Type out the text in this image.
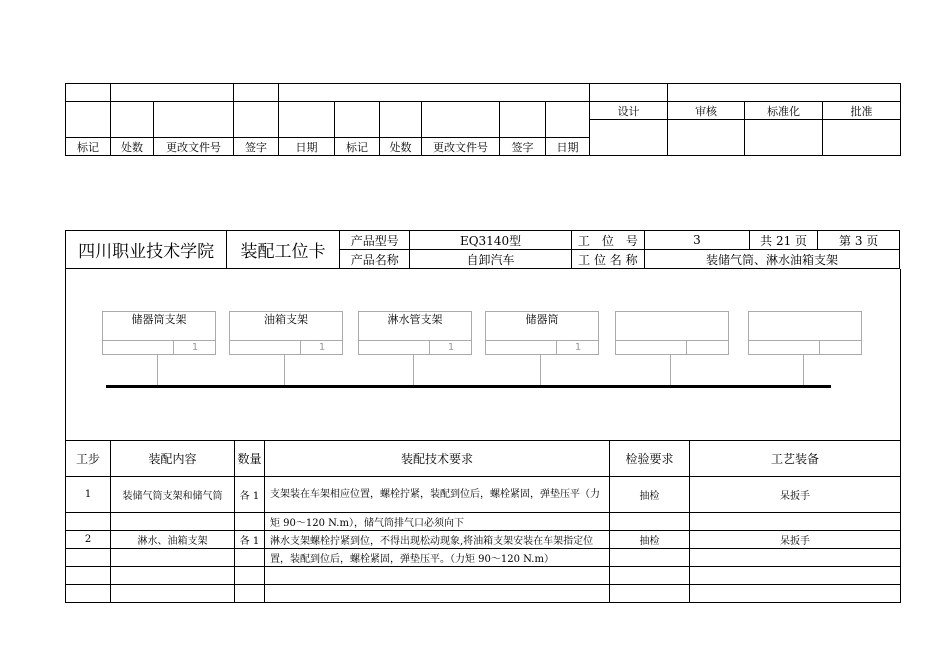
										设计	审核	标准化	批准

标记	处数	更改文件号	签字	日期	标记	处数	更改文件号	签字	日期				
四川职业技术学院	装配工位卡	产品型号	EQ3140型	工　位　号	3	共 21 页	第 3 页
		产品名称	自卸汽车	工 位 名 称	装储气筒、淋水油箱支架		
储器筒支架
1
油箱支架
1
淋水管支架
1
储器筒
1
工步	装配内容	数量	装配技术要求	检验要求	工艺装备
1	装储气筒支架和储气筒	各 1	支架装在车架相应位置，螺栓拧紧，装配到位后，螺栓紧固，弹垫压平（力	抽检	呆扳手
			矩 90～120 N.m），储气筒排气口必须向下		
2	淋水、油箱支架	各 1	淋水支架螺栓拧紧到位，不得出现松动现象,将油箱支架安装在车架指定位	抽检	呆扳手
			置，装配到位后，螺栓紧固，弹垫压平。（力矩 90～120 N.m）		
